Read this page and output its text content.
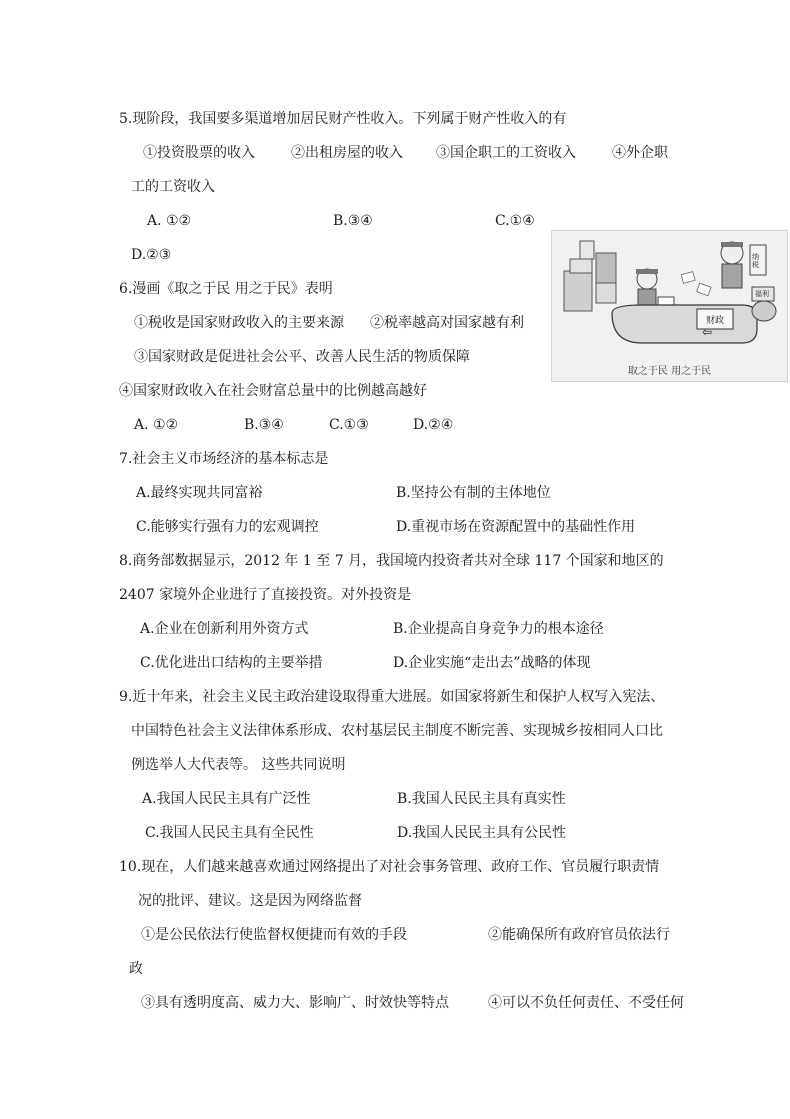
5.现阶段，我国要多渠道增加居民财产性收入。下列属于财产性收入的有
①投资股票的收入	②出租房屋的收入 ③国企职工的工资收入	④外企职
工的工资收入
A. ①②	B.③④	C.①④
D.②③
6.漫画《取之于民 用之于民》表明
①税收是国家财政收入的主要来源 ②税率越高对国家越有利
③国家财政是促进社会公平、改善人民生活的物质保障
④国家财政收入在社会财富总量中的比例越高越好
A. ①②	B.③④	C.①③	D.②④
财政
⇦
纳税
福利
取之于民 用之于民
7.社会主义市场经济的基本标志是
A.最终实现共同富裕	B.坚持公有制的主体地位
C.能够实行强有力的宏观调控	D.重视市场在资源配置中的基础性作用
8.商务部数据显示，2012 年 1 至 7 月，我国境内投资者共对全球 117 个国家和地区的
2407 家境外企业进行了直接投资。对外投资是
A.企业在创新利用外资方式	B.企业提高自身竞争力的根本途径
C.优化进出口结构的主要举措	D.企业实施“走出去”战略的体现
9.近十年来，社会主义民主政治建设取得重大进展。如国家将新生和保护人权写入宪法、
中国特色社会主义法律体系形成、农村基层民主制度不断完善、实现城乡按相同人口比
例选举人大代表等。 这些共同说明
A.我国人民民主具有广泛性	B.我国人民民主具有真实性
C.我国人民民主具有全民性	D.我国人民民主具有公民性
10.现在，人们越来越喜欢通过网络提出了对社会事务管理、政府工作、官员履行职责情
况的批评、建议。这是因为网络监督
①是公民依法行使监督权便捷而有效的手段	②能确保所有政府官员依法行
政
③具有透明度高、威力大、影响广、时效快等特点	④可以不负任何责任、不受任何
